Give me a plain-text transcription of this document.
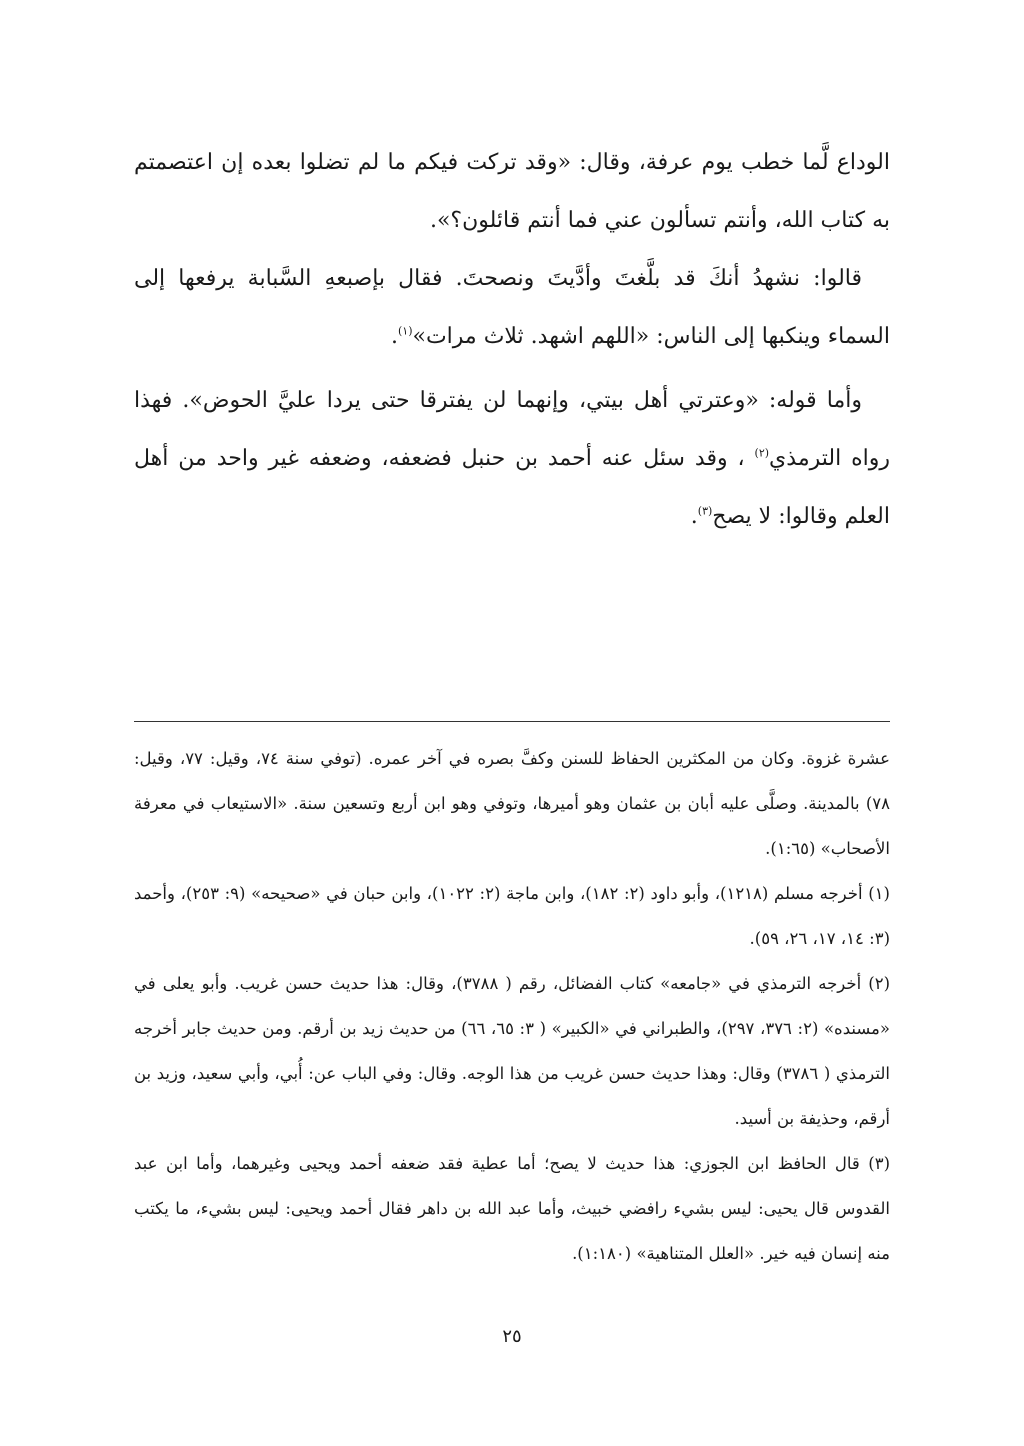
الوداع لَّما خطب يوم عرفة، وقال: «وقد تركت فيكم ما لم تضلوا بعده إن اعتصمتم به كتاب الله، وأنتم تسألون عني فما أنتم قائلون؟».

قالوا: نشهدُ أنكَ قد بلَّغتَ وأدَّيتَ ونصحتَ. فقال بإصبعهِ السَّبابة يرفعها إلى السماء وينكبها إلى الناس: «اللهم اشهد. ثلاث مرات»$^{(١)}$.

وأما قوله: «وعترتي أهل بيتي، وإنهما لن يفترقا حتى يردا عليَّ الحوض». فهذا رواه الترمذي$^{(٢)}$ ، وقد سئل عنه أحمد بن حنبل فضعفه، وضعفه غير واحد من أهل العلم وقالوا: لا يصح$^{(٣)}$.

عشرة غزوة. وكان من المكثرين الحفاظ للسنن وكفَّ بصره في آخر عمره. (توفي سنة ٧٤، وقيل: ٧٧، وقيل: ٧٨) بالمدينة. وصلَّى عليه أبان بن عثمان وهو أميرها، وتوفي وهو ابن أربع وتسعين سنة. «الاستيعاب في معرفة الأصحاب» (١:٦٥).

(١) أخرجه مسلم (١٢١٨)، وأبو داود (٢: ١٨٢)، وابن ماجة (٢: ١٠٢٢)، وابن حبان في «صحيحه» (٩: ٢٥٣)، وأحمد (٣: ١٤، ١٧، ٢٦، ٥٩).

(٢) أخرجه الترمذي في «جامعه» كتاب الفضائل، رقم ( ٣٧٨٨)، وقال: هذا حديث حسن غريب. وأبو يعلى في «مسنده» (٢: ٣٧٦، ٢٩٧)، والطبراني في «الكبير» ( ٣: ٦٥، ٦٦) من حديث زيد بن أرقم. ومن حديث جابر أخرجه الترمذي ( ٣٧٨٦) وقال: وهذا حديث حسن غريب من هذا الوجه. وقال: وفي الباب عن: أُبي، وأبي سعيد، وزيد بن أرقم، وحذيفة بن أسيد.

(٣) قال الحافظ ابن الجوزي: هذا حديث لا يصح؛ أما عطية فقد ضعفه أحمد ويحيى وغيرهما، وأما ابن عبد القدوس قال يحيى: ليس بشيء رافضي خبيث، وأما عبد الله بن داهر فقال أحمد ويحيى: ليس بشيء، ما يكتب منه إنسان فيه خير. «العلل المتناهية» (١:١٨٠).

٢٥
